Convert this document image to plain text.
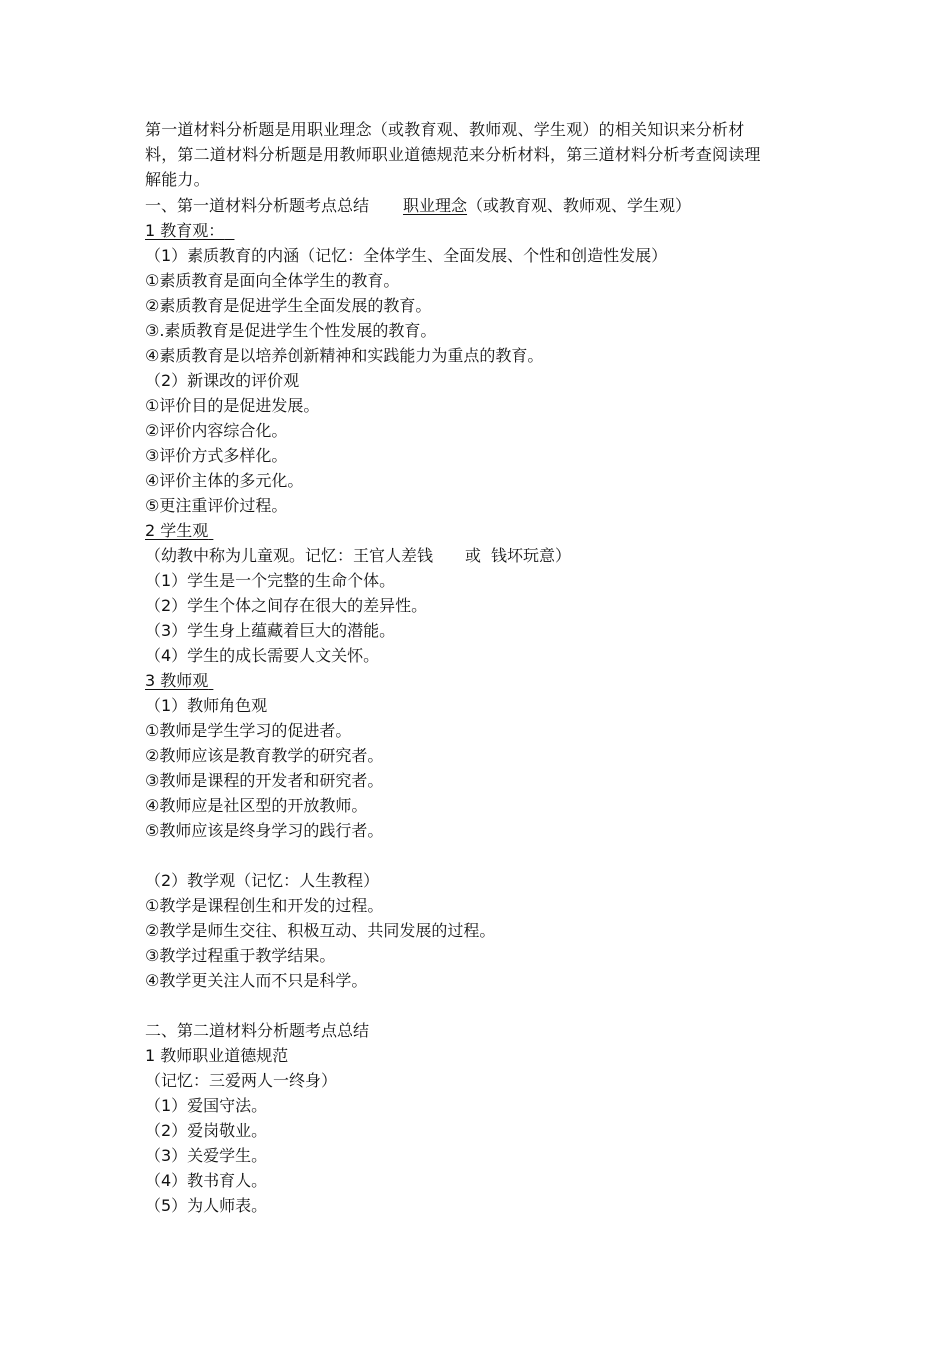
第一道材料分析题是用职业理念（或教育观、教师观、学生观）的相关知识来分析材料，第二道材料分析题是用教师职业道德规范来分析材料，第三道材料分析考查阅读理解能力。
一、第一道材料分析题考点总结 职业理念（或教育观、教师观、学生观）
1 教育观：
（1）素质教育的内涵（记忆：全体学生、全面发展、个性和创造性发展）
①素质教育是面向全体学生的教育。
②素质教育是促进学生全面发展的教育。
③.素质教育是促进学生个性发展的教育。
④素质教育是以培养创新精神和实践能力为重点的教育。
（2）新课改的评价观
①评价目的是促进发展。
②评价内容综合化。
③评价方式多样化。
④评价主体的多元化。
⑤更注重评价过程。
2 学生观
（幼教中称为儿童观。记忆：王官人差钱 或 钱坏玩意）
（1）学生是一个完整的生命个体。
（2）学生个体之间存在很大的差异性。
（3）学生身上蕴藏着巨大的潜能。
（4）学生的成长需要人文关怀。
3 教师观
（1）教师角色观
①教师是学生学习的促进者。
②教师应该是教育教学的研究者。
③教师是课程的开发者和研究者。
④教师应是社区型的开放教师。
⑤教师应该是终身学习的践行者。
（2）教学观（记忆：人生教程）
①教学是课程创生和开发的过程。
②教学是师生交往、积极互动、共同发展的过程。
③教学过程重于教学结果。
④教学更关注人而不只是科学。
二、第二道材料分析题考点总结
1 教师职业道德规范
（记忆：三爱两人一终身）
（1）爱国守法。
（2）爱岗敬业。
（3）关爱学生。
（4）教书育人。
（5）为人师表。
